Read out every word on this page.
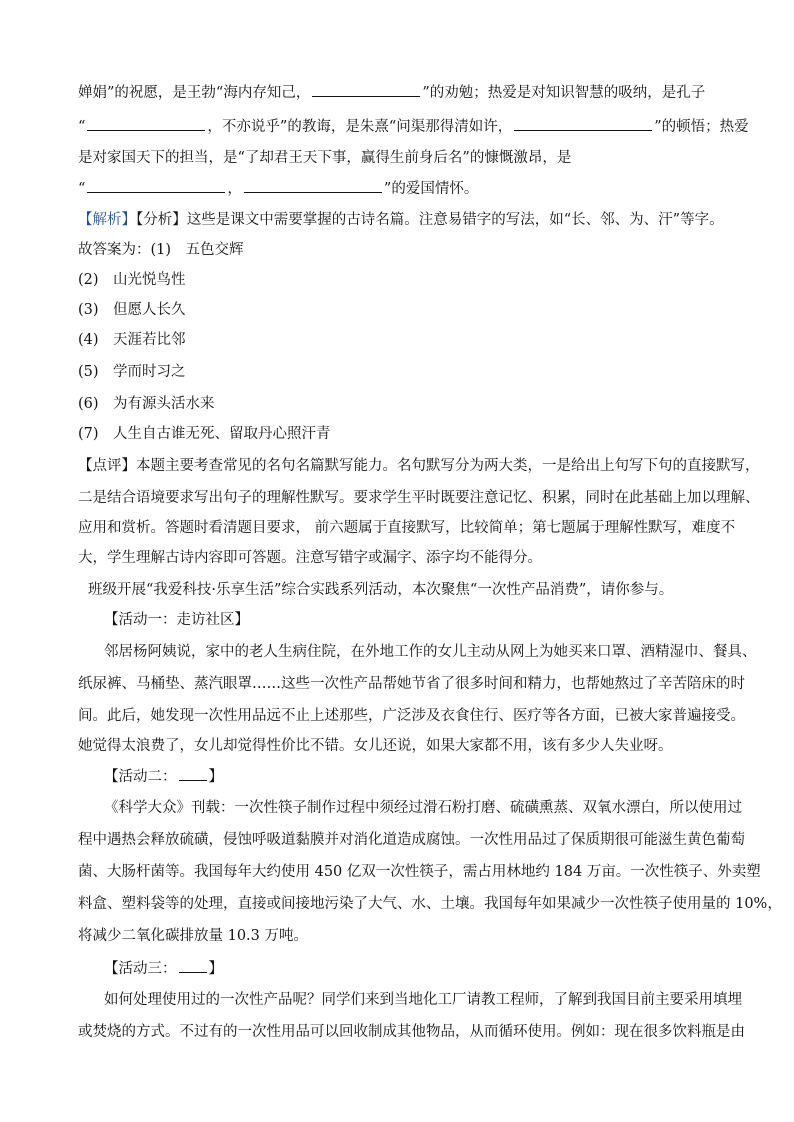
婵娟”的祝愿，是王勃“海内存知己，	”的劝勉；热爱是对知识智慧的吸纳，是孔子
“	，不亦说乎”的教诲，是朱熹“问渠那得清如许，	”的顿悟；热爱
是对家国天下的担当，是“了却君王天下事，赢得生前身后名”的慷慨激昂，是
“	，	”的爱国情怀。
【解析】【分析】这些是课文中需要掌握的古诗名篇。注意易错字的写法，如“长、邻、为、汗”等字。
故答案为：(1)　五色交辉
(2)　山光悦鸟性
(3)　但愿人长久
(4)　天涯若比邻
(5)　学而时习之
(6)　为有源头活水来
(7)　人生自古谁无死、留取丹心照汗青
【点评】本题主要考查常见的名句名篇默写能力。名句默写分为两大类，一是给出上句写下句的直接默写，
二是结合语境要求写出句子的理解性默写。要求学生平时既要注意记忆、积累，同时在此基础上加以理解、
应用和赏析。答题时看清题目要求， 前六题属于直接默写，比较简单；第七题属于理解性默写，难度不
大，学生理解古诗内容即可答题。注意写错字或漏字、添字均不能得分。
班级开展“我爱科技·乐享生活”综合实践系列活动，本次聚焦“一次性产品消费”，请你参与。
【活动一：走访社区】
邻居杨阿姨说，家中的老人生病住院，在外地工作的女儿主动从网上为她买来口罩、酒精湿巾、餐具、
纸尿裤、马桶垫、蒸汽眼罩……这些一次性产品帮她节省了很多时间和精力，也帮她熬过了辛苦陪床的时
间。此后，她发现一次性用品远不止上述那些，广泛涉及衣食住行、医疗等各方面，已被大家普遍接受。
她觉得太浪费了，女儿却觉得性价比不错。女儿还说，如果大家都不用，该有多少人失业呀。
【活动二： 】
《科学大众》刊载：一次性筷子制作过程中须经过滑石粉打磨、硫磺熏蒸、双氧水漂白，所以使用过
程中遇热会释放硫磺，侵蚀呼吸道黏膜并对消化道造成腐蚀。一次性用品过了保质期很可能滋生黄色葡萄
菌、大肠杆菌等。我国每年大约使用 450 亿双一次性筷子，需占用林地约 184 万亩。一次性筷子、外卖塑
料盒、塑料袋等的处理，直接或间接地污染了大气、水、土壤。我国每年如果减少一次性筷子使用量的 10%，
将减少二氧化碳排放量 10.3 万吨。
【活动三： 】
如何处理使用过的一次性产品呢？同学们来到当地化工厂请教工程师，了解到我国目前主要采用填埋
或焚烧的方式。不过有的一次性用品可以回收制成其他物品，从而循环使用。例如：现在很多饮料瓶是由
